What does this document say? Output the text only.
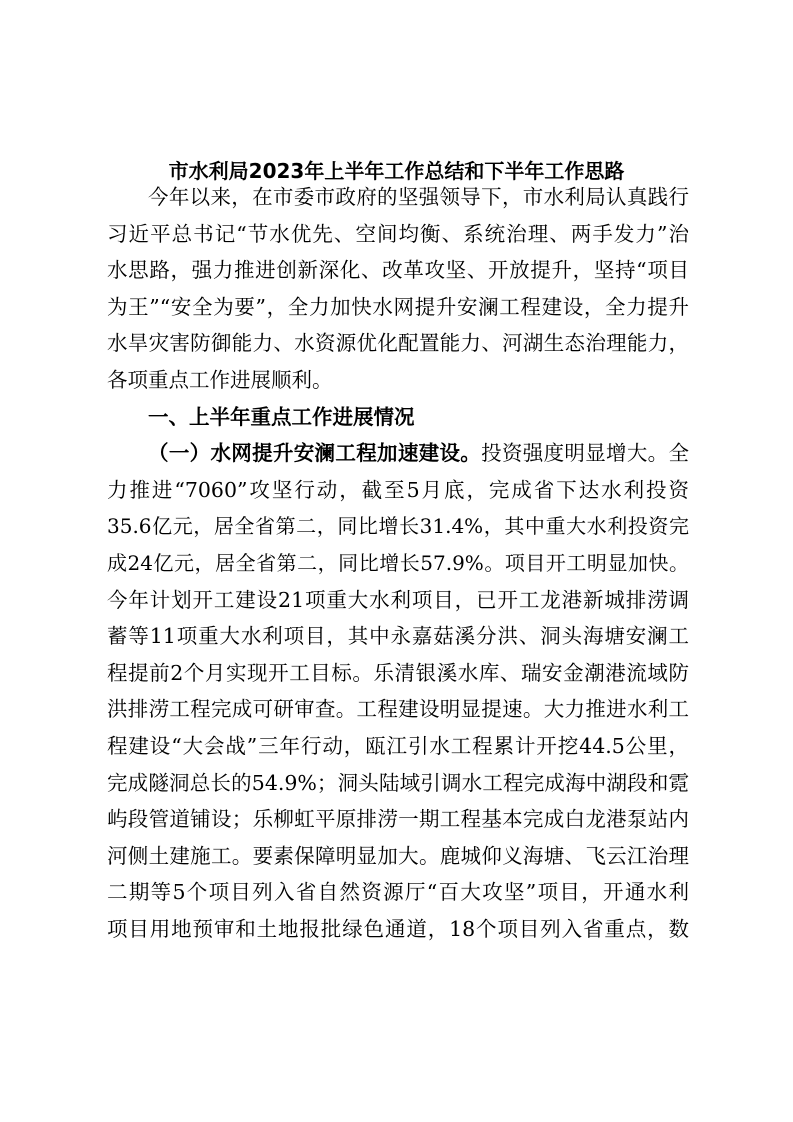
市水利局2023年上半年工作总结和下半年工作思路
今年以来，在市委市政府的坚强领导下，市水利局认真践行
习近平总书记“节水优先、空间均衡、系统治理、两手发力”治
水思路，强力推进创新深化、改革攻坚、开放提升，坚持“项目
为王”“安全为要”，全力加快水网提升安澜工程建设，全力提升
水旱灾害防御能力、水资源优化配置能力、河湖生态治理能力，
各项重点工作进展顺利。
一、上半年重点工作进展情况
（一）水网提升安澜工程加速建设。投资强度明显增大。全
力推进“7060”攻坚行动，截至5月底，完成省下达水利投资
35.6亿元，居全省第二，同比增长31.4%，其中重大水利投资完
成24亿元，居全省第二，同比增长57.9%。项目开工明显加快。
今年计划开工建设21项重大水利项目，已开工龙港新城排涝调
蓄等11项重大水利项目，其中永嘉菇溪分洪、洞头海塘安澜工
程提前2个月实现开工目标。乐清银溪水库、瑞安金潮港流域防
洪排涝工程完成可研审查。工程建设明显提速。大力推进水利工
程建设“大会战”三年行动，瓯江引水工程累计开挖44.5公里，
完成隧洞总长的54.9%；洞头陆域引调水工程完成海中湖段和霓
屿段管道铺设；乐柳虹平原排涝一期工程基本完成白龙港泵站内
河侧土建施工。要素保障明显加大。鹿城仰义海塘、飞云江治理
二期等5个项目列入省自然资源厅“百大攻坚”项目，开通水利
项目用地预审和土地报批绿色通道，18个项目列入省重点，数
